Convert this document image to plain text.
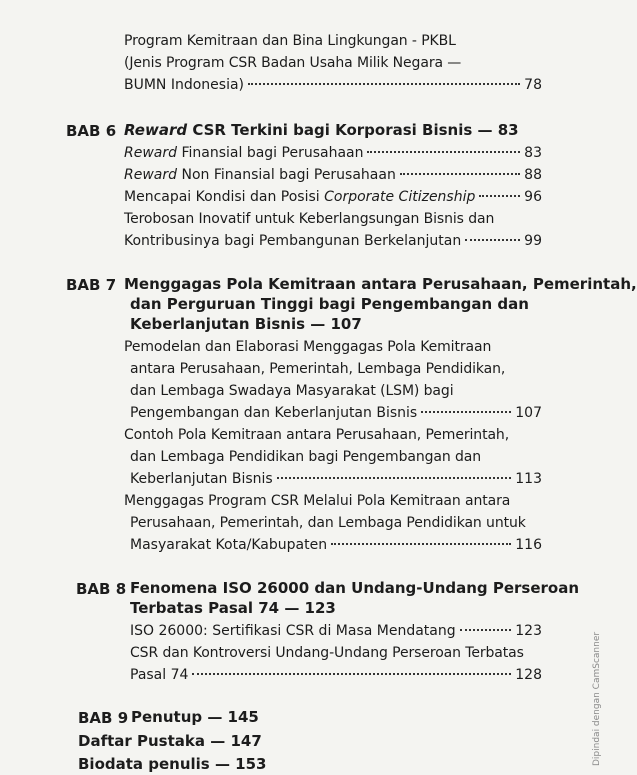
Program Kemitraan dan Bina Lingkungan - PKBL
(Jenis Program CSR Badan Usaha Milik Negara —
BUMN Indonesia)	78
BAB 6 Reward CSR Terkini bagi Korporasi Bisnis — 83
Reward Finansial bagi Perusahaan	83
Reward Non Finansial bagi Perusahaan	88
Mencapai Kondisi dan Posisi Corporate Citizenship	96
Terobosan Inovatif untuk Keberlangsungan Bisnis dan
Kontribusinya bagi Pembangunan Berkelanjutan	99
BAB 7 Menggagas Pola Kemitraan antara Perusahaan, Pemerintah,
dan Perguruan Tinggi bagi Pengembangan dan
Keberlanjutan Bisnis — 107
Pemodelan dan Elaborasi Menggagas Pola Kemitraan
antara Perusahaan, Pemerintah, Lembaga Pendidikan,
dan Lembaga Swadaya Masyarakat (LSM) bagi
Pengembangan dan Keberlanjutan Bisnis	107
Contoh Pola Kemitraan antara Perusahaan, Pemerintah,
dan Lembaga Pendidikan bagi Pengembangan dan
Keberlanjutan Bisnis	113
Menggagas Program CSR Melalui Pola Kemitraan antara
Perusahaan, Pemerintah, dan Lembaga Pendidikan untuk
Masyarakat Kota/Kabupaten	116
BAB 8 Fenomena ISO 26000 dan Undang-Undang Perseroan
Terbatas Pasal 74 — 123
ISO 26000: Sertifikasi CSR di Masa Mendatang	123
CSR dan Kontroversi Undang-Undang Perseroan Terbatas
Pasal 74	128
BAB 9 Penutup — 145
Daftar Pustaka — 147
Biodata penulis — 153	Dipindai dengan CamScanner
